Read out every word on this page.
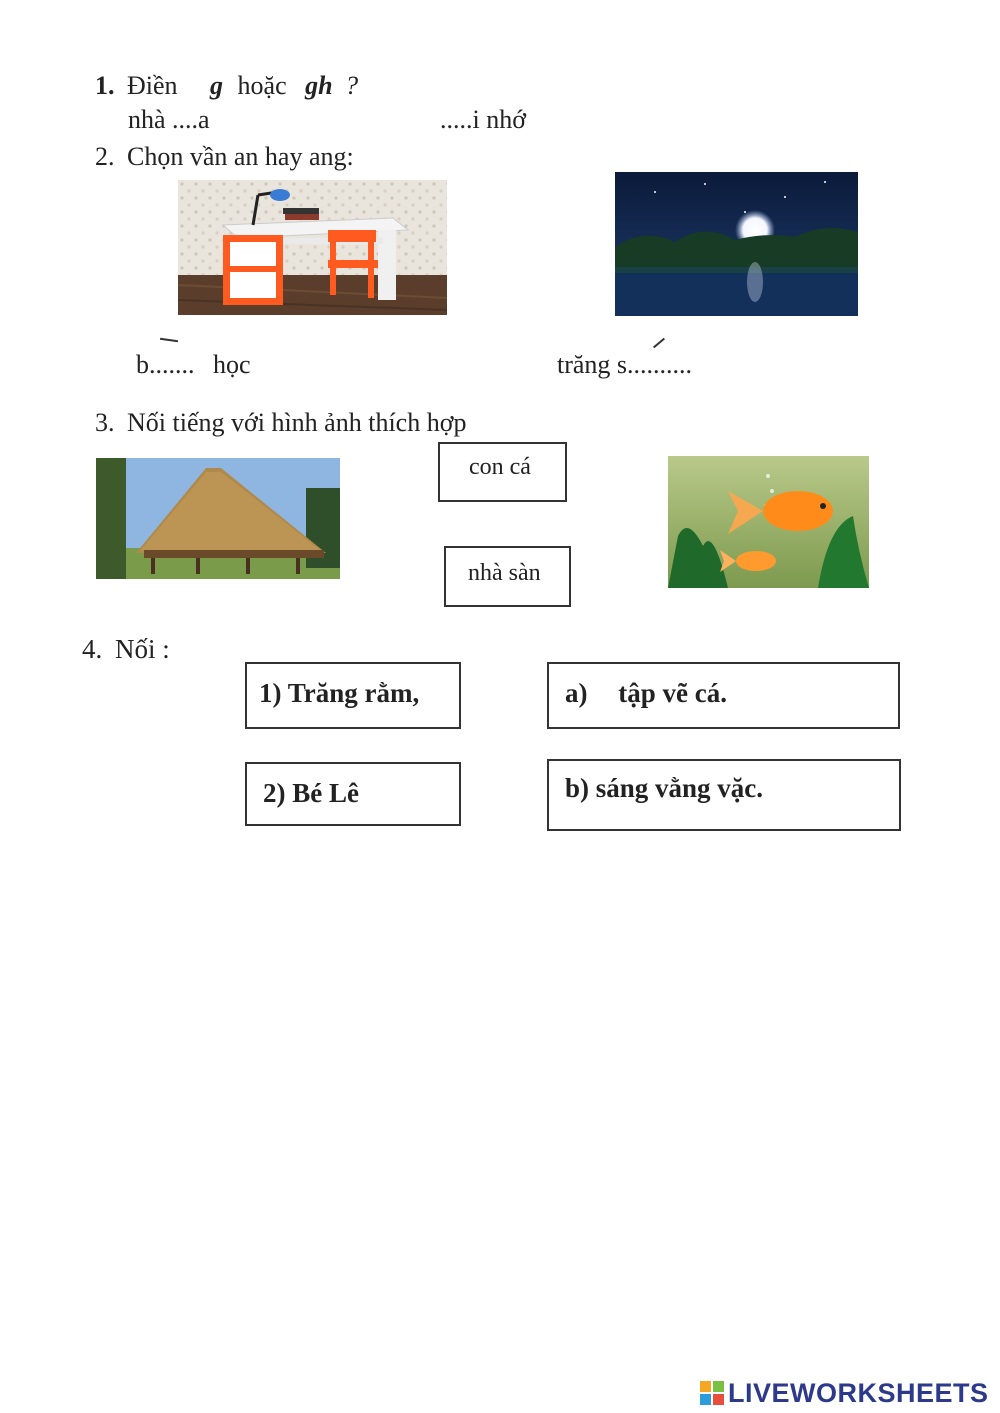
1. Điền g hoặc gh ?
nhà ....a	.....i nhớ
2. Chọn vần an hay ang:
b....... học	trăng s..........
3. Nối tiếng với hình ảnh thích hợp
con cá
nhà sàn
4. Nối :
1) Trăng rằm,
2) Bé Lê
a) tập vẽ cá.
b) sáng vằng vặc.
LIVEWORKSHEETS
